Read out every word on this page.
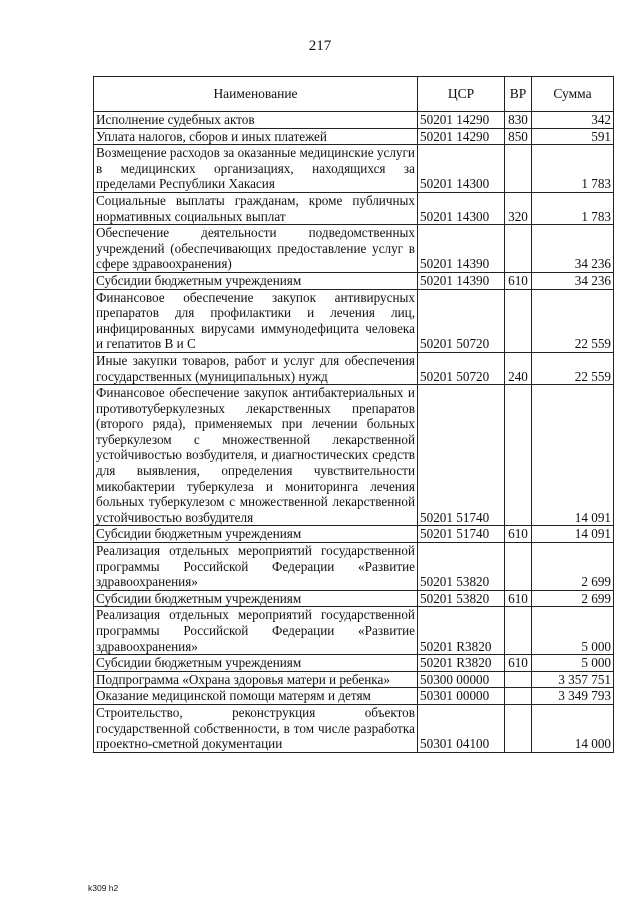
217
Наименование	ЦСР	ВР	Сумма
Исполнение судебных актов	50201 14290	830	342
Уплата налогов, сборов и иных платежей	50201 14290	850	591
Возмещение расходов за оказанные медицинские услуги в медицинских организациях, находящихся за пределами Республики Хакасия	50201 14300		1 783
Социальные выплаты гражданам, кроме публичных нормативных социальных выплат	50201 14300	320	1 783
Обеспечение деятельности подведомственных учреждений (обеспечивающих предоставление услуг в сфере здравоохранения)	50201 14390		34 236
Субсидии бюджетным учреждениям	50201 14390	610	34 236
Финансовое обеспечение закупок антивирусных препаратов для профилактики и лечения лиц, инфицированных вирусами иммунодефицита человека и гепатитов B и C	50201 50720		22 559
Иные закупки товаров, работ и услуг для обеспечения государственных (муниципальных) нужд	50201 50720	240	22 559
Финансовое обеспечение закупок антибактериальных и противотуберкулезных лекарственных препаратов (второго ряда), применяемых при лечении больных туберкулезом с множественной лекарственной устойчивостью возбудителя, и диагностических средств для выявления, определения чувствительности микобактерии туберкулеза и мониторинга лечения больных туберкулезом с множественной лекарственной устойчивостью возбудителя	50201 51740		14 091
Субсидии бюджетным учреждениям	50201 51740	610	14 091
Реализация отдельных мероприятий государственной программы Российской Федерации «Развитие здравоохранения»	50201 53820		2 699
Субсидии бюджетным учреждениям	50201 53820	610	2 699
Реализация отдельных мероприятий государственной программы Российской Федерации «Развитие здравоохранения»	50201 R3820		5 000
Субсидии бюджетным учреждениям	50201 R3820	610	5 000
Подпрограмма «Охрана здоровья матери и ребенка»	50300 00000		3 357 751
Оказание медицинской помощи матерям и детям	50301 00000		3 349 793
Строительство, реконструкция объектов государственной собственности, в том числе разработка проектно-сметной документации	50301 04100		14 000
k309 h2
